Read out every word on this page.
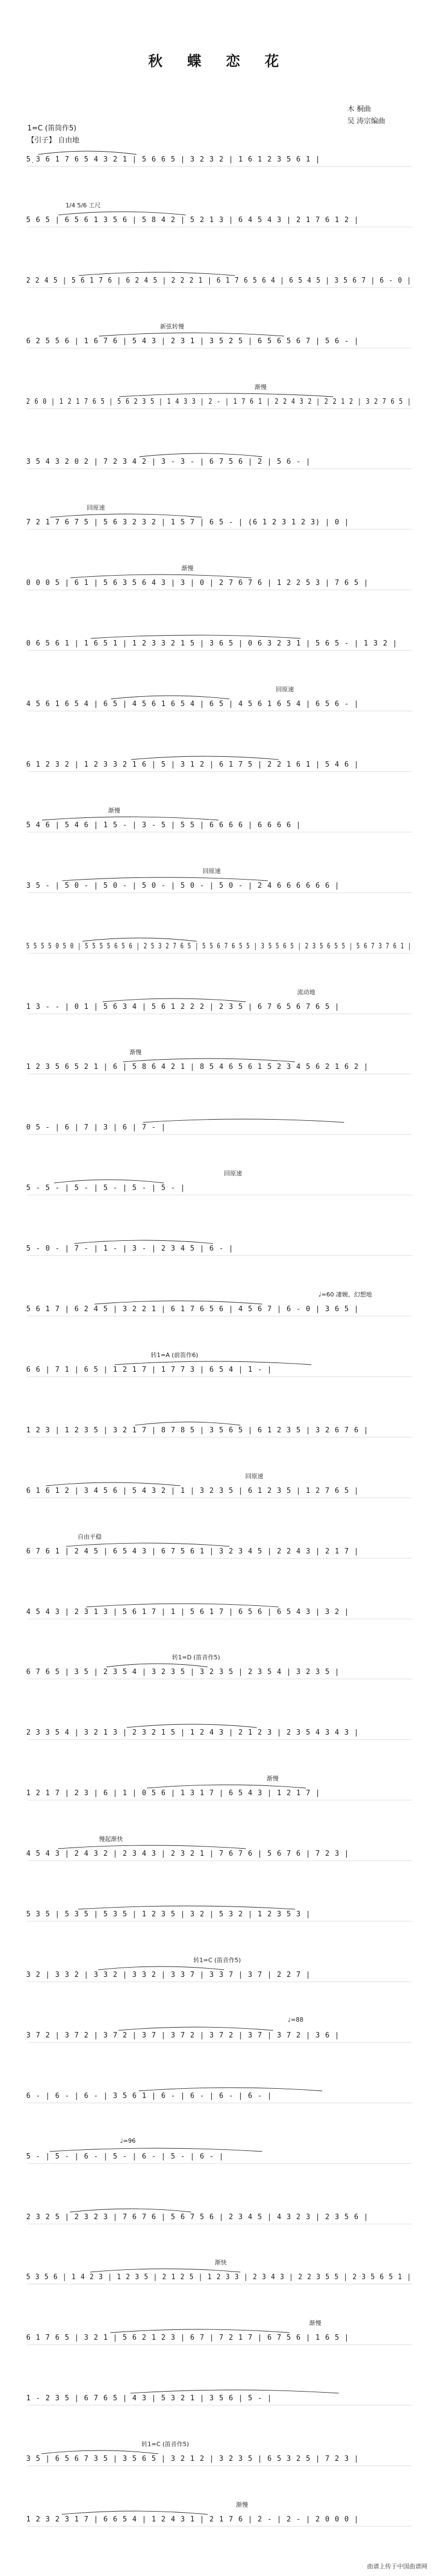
秋 蝶 恋 花
木 桐曲
吴 涛宗编曲
1=C (笛筒作5)
【引子】 自由地
5̣ 3 6 1 7 6 5 4 3 2 1 | 5 6 6 5 | 3 2 3 2 | 1 6 1 2 3 5 6 1 |
5 6 5 | 6 5 6 1 3 5 6 | 5 8 4 2 | 5 2 1 3 | 6 4 5 4 3 | 2 1 7 6 1 2 |
2 2 4 5 | 5 6 1 7 6 | 6 2 4 5 | 2 2 2 1 | 6 1 7 6 5 6 4 | 6 5 4 5 | 3 5 6 7 | 6 - 0 |
6 2 5 5 6 | 1 6 7 6 | 5 4 3 | 2 3 1 | 3 5 2 5 | 6 5 6 5 6 7 | 5 6 - |
2 6 0 | 1 2 1 7 6 5 | 5 6 2 3 5 | 1 4 3 3 | 2 - | 1 7 6 1 | 2 2 4 3 2 | 2 2 1 2 | 3 2 7 6 5 |
3 5 4 3 2 0 2 | 7 2 3 4 2 | 3 - 3 - | 6 7 5 6 | 2 | 5 6 - |
7 2 1 7 6 7 5 | 5 6 3 2 3 2 | 1 5 7 | 6 5 - | (6 1 2 3 1 2 3) | 0 |
0 0 0 5 | 6 1 | 5 6 3 5 6 4 3 | 3 | 0 | 2 7 6 7 6 | 1 2 2 5 3 | 7 6 5 |
0 6 5 6 1 | 1 6 5 1 | 1 2 3 3 2 1 5 | 3 6 5 | 0 6 3 2 3 1 | 5 6 5 - | 1 3 2 |
4 5 6 1 6 5 4 | 6 5 | 4 5 6 1 6 5 4 | 6 5 | 4 5 6 1 6 5 4 | 6 5 6 - |
6 1 2 3 2 | 1 2 3 3 2 1 6 | 5 | 3 1 2 | 6 1 7 5 | 2 2 1 6 1 | 5 4 6 |
5 4 6 | 5 4 6 | 1 5 - | 3 - 5 | 5 5 | 6 6 6 6 | 6 6 6 6 |
3 5 - | 5 0 - | 5 0 - | 5 0 - | 5 0 - | 5 0 - | 2 4 6 6 6 6 6 6 |
5 5 5 5 0 5 0 | 5 5 5 5 6 5 6 | 2 5 3 2 7 6 5 | 5 5 6 7 6 5 5 | 3 5 5 6 5 | 2 3 5 6 5 5 | 5 6 7 3 7 6 1 |
1 3 - - | 0 1 | 5 6 3 4 | 5 6 1 2 2 2 | 2 3 5 | 6 7 6 5 6 7 6 5 |
1 2 3 5 6 5 2 1 | 6 | 5 8 6 4 2 1 | 8 5 4 6 5 6 1 5 2 3 4 5 6 2 1 6 2 |
0 5 - | 6 | 7 | 3 | 6 | 7 - |
5 - 5 - | 5 - | 5 - | 5 - | 5 - |
5 - 0 - | 7 - | 1 - | 3 - | 2 3 4 5 | 6 - |
5 6 1 7 | 6 2 4 5 | 3 2 2 1 | 6 1 7 6 5 6 | 4 5 6 7 | 6 - 0 | 3 6 5 |
6 6 | 7 1 | 6 5 | 1 2 1 7 | 1 7 7 3 | 6 5 4 | 1 - |
1 2 3 | 1 2 3 5 | 3 2 1 7 | 8 7 8 5 | 3 5 6 5 | 6 1 2 3 5 | 3 2 6 7 6 |
6 1 6 1 2 | 3 4 5 6 | 5 4 3 2 | 1 | 3 2 3 5 | 6 1 2 3 5 | 1 2 7 6 5 |
6 7 6 1 | 2 4 5 | 6 5 4 3 | 6 7 5 6 1 | 3 2 3 4 5 | 2 2 4 3 | 2 1 7 |
4 5 4 3 | 2 3 1 3 | 5 6 1 7 | 1 | 5 6 1 7 | 6 5 6 | 6 5 4 3 | 3 2 |
6 7 6 5 | 3 5 | 2 3 5 4 | 3 2 3 5 | 3 2 3 5 | 2 3 5 4 | 3 2 3 5 |
2 3 3 5 4 | 3 2 1 3 | 2 3 2 1 5 | 1 2 4 3 | 2 1 2 3 | 2 3 5 4 3 4 3 |
1 2 1 7 | 2 3 | 6 | 1 | 0 5 6 | 1 3 1 7 | 6 5 4 3 | 1 2 1 7 |
4 5 4 3 | 2 4 3 2 | 2 3 4 3 | 2 3 2 1 | 7 6 7 6 | 5 6 7 6 | 7 2 3 |
5 3 5 | 5 3 5 | 5 3 5 | 1 2 3 5 | 3 2 | 5 3 2 | 1 2 3 5 3 |
3 2 | 3 3 2 | 3 3 2 | 3 3 2 | 3 3 7 | 3 3 7 | 3 7 | 2 2 7 |
3 7 2 | 3 7 2 | 3 7 2 | 3 7 | 3 7 2 | 3 7 2 | 3 7 | 3 7 2 | 3 6 |
6 - | 6 - | 6 - | 3 5 6 1 | 6 - | 6 - | 6 - | 6 - |
5 - | 5 - | 6 - | 5 - | 6 - | 5 - | 6 - |
2 3 2 5 | 2 3 2 3 | 7 6 7 6 | 5 6 7 5 6 | 2 3 4 5 | 4 3 2 3 | 2 3 5 6 |
5 3 5 6 | 1 4 2 3 | 1 2 3 5 | 2 1 2 5 | 1 2 3 3 | 2 3 4 3 | 2 2 3 5 5 | 2 3 5 6 5 1 |
6 1 7 6 5 | 3 2 1 | 5 6 2 1 2 3 | 6 7 | 7 2 1 7 | 6 7 5 6 | 1 6 5 |
1 - 2 3 5 | 6 7 6 5 | 4 3 | 5 3 2 1 | 3 5 6 | 5 - |
3 5 | 6 5 6 7 3 5 | 3 5 6 5 | 3 2 1 2 | 3 2 3 5 | 6 5 3 2 5 | 7 2 3 |
1 2 3 2 3 1 7 | 6 6 5 4 | 1 2 4 3 1 | 2 1 7 6 | 2 - | 2 - | 2 0 0 0 |
1/4 5/6 工尺
新弦转慢
渐慢
回原速
渐慢
回原速
渐慢
回原速
流动地
渐慢
回原速
♩=60 凄婉、幻想地
转1=A (前笛作6)
回原速
自由平稳
转1=D (笛音作5)
渐慢
慢起渐快
转1=C (笛音作5)
♩=88
♩=96
渐快
渐慢
转1=C (笛音作5)
渐慢
曲谱上传于中国曲谱网
